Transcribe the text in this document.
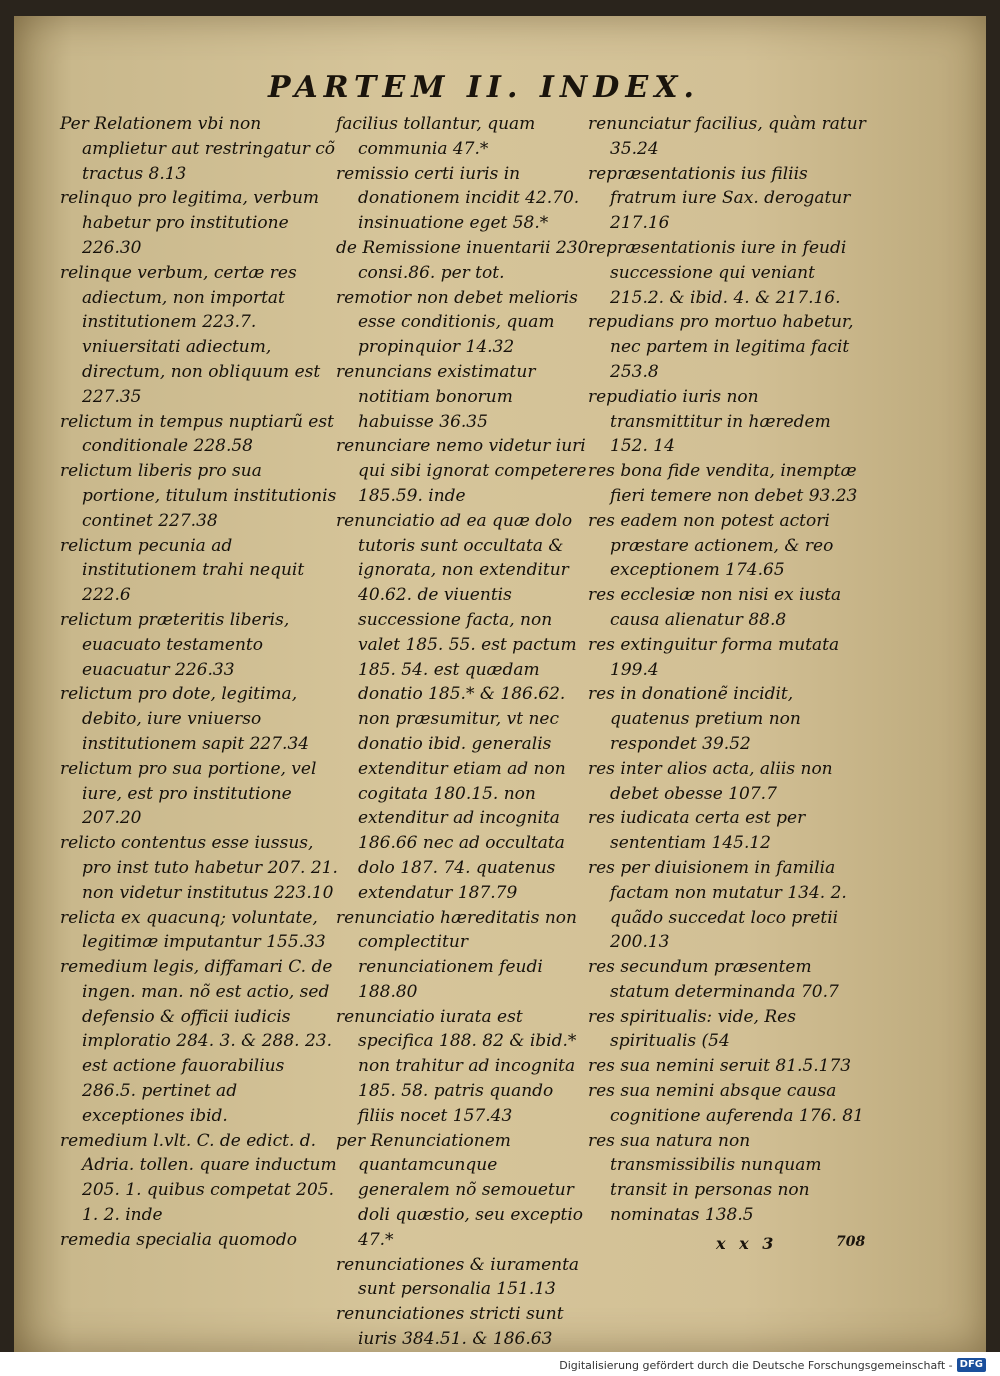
PARTEM II. INDEX.

Per Relationem vbi non amplietur aut restringatur cõ tractus 8.13

relinquo pro legitima, verbum habetur pro institutione 226.30

relinque verbum, certæ res adiectum, non importat institutionem 223.7. vniuersitati adiectum, directum, non obliquum est 227.35

relictum in tempus nuptiarũ est conditionale 228.58

relictum liberis pro sua portione, titulum institutionis continet 227.38

relictum pecunia ad institutionem trahi nequit 222.6

relictum præteritis liberis, euacuato testamento euacuatur 226.33

relictum pro dote, legitima, debito, iure vniuerso institutionem sapit 227.34

relictum pro sua portione, vel iure, est pro institutione 207.20

relicto contentus esse iussus, pro inst tuto habetur 207. 21. non videtur institutus 223.10

relicta ex quacunq; voluntate, legitimæ imputantur 155.33

remedium legis, diffamari C. de ingen. man. nõ est actio, sed defensio & officii iudicis imploratio 284. 3. & 288. 23. est actione fauorabilius 286.5. pertinet ad exceptiones ibid.

remedium l.vlt. C. de edict. d. Adria. tollen. quare inductum 205. 1. quibus competat 205. 1. 2. inde

remedia specialia quomodo

facilius tollantur, quam communia 47.*

remissio certi iuris in donationem incidit 42.70. insinuatione eget 58.*

de Remissione inuentarii 230. consi.86. per tot.

remotior non debet melioris esse conditionis, quam propinquior 14.32

renuncians existimatur notitiam bonorum habuisse 36.35

renunciare nemo videtur iuri qui sibi ignorat competere 185.59. inde

renunciatio ad ea quæ dolo tutoris sunt occultata & ignorata, non extenditur 40.62. de viuentis successione facta, non valet 185. 55. est pactum 185. 54. est quædam donatio 185.* & 186.62. non præsumitur, vt nec donatio ibid. generalis extenditur etiam ad non cogitata 180.15. non extenditur ad incognita 186.66 nec ad occultata dolo 187. 74. quatenus extendatur 187.79

renunciatio hæreditatis non complectitur renunciationem feudi 188.80

renunciatio iurata est specifica 188. 82 & ibid.* non trahitur ad incognita 185. 58. patris quando filiis nocet 157.43

per Renunciationem quantamcunque generalem nõ semouetur doli quæstio, seu exceptio 47.*

renunciationes & iuramenta sunt personalia 151.13

renunciationes stricti sunt iuris 384.51. & 186.63

renunciatur facilius, quàm ratur 35.24

repræsentationis ius filiis fratrum iure Sax. derogatur 217.16

repræsentationis iure in feudi successione qui veniant 215.2. & ibid. 4. & 217.16.

repudians pro mortuo habetur, nec partem in legitima facit 253.8

repudiatio iuris non transmittitur in hæredem 152. 14

res bona fide vendita, inemptæ fieri temere non debet 93.23

res eadem non potest actori præstare actionem, & reo exceptionem 174.65

res ecclesiæ non nisi ex iusta causa alienatur 88.8

res extinguitur forma mutata 199.4

res in donationẽ incidit, quatenus pretium non respondet 39.52

res inter alios acta, aliis non debet obesse 107.7

res iudicata certa est per sententiam 145.12

res per diuisionem in familia factam non mutatur 134. 2. quãdo succedat loco pretii 200.13

res secundum præsentem statum determinanda 70.7

res spiritualis: vide, Res spiritualis (54

res sua nemini seruit 81.5.173

res sua nemini absque causa cognitione auferenda 176. 81

res sua natura non transmissibilis nunquam transit in personas non nominatas 138.5

x x 3	708
Digitalisierung gefördert durch die Deutsche Forschungsgemeinschaft - DFG
